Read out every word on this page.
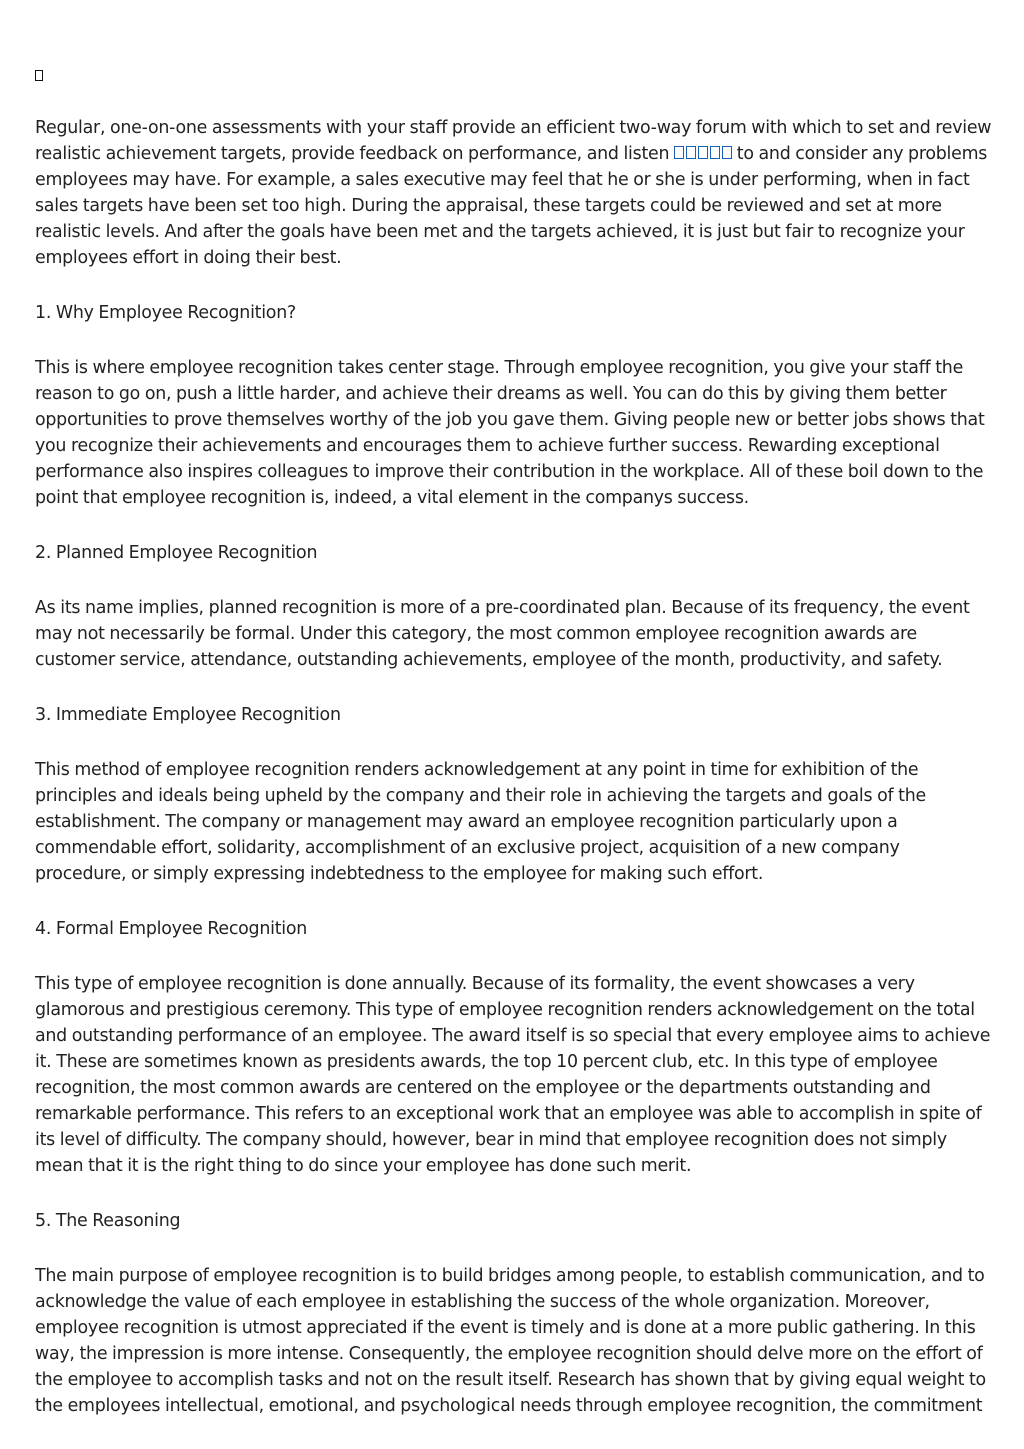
Regular, one-on-one assessments with your staff provide an efficient two-way forum with which to set and review realistic achievement targets, provide feedback on performance, and listen	to and consider any problems employees may have. For example, a sales executive may feel that he or she is under performing, when in fact sales targets have been set too high. During the appraisal, these targets could be reviewed and set at more realistic levels. And after the goals have been met and the targets achieved, it is just but fair to recognize your employees effort in doing their best.

1. Why Employee Recognition?

This is where employee recognition takes center stage. Through employee recognition, you give your staff the reason to go on, push a little harder, and achieve their dreams as well. You can do this by giving them better opportunities to prove themselves worthy of the job you gave them. Giving people new or better jobs shows that you recognize their achievements and encourages them to achieve further success. Rewarding exceptional performance also inspires colleagues to improve their contribution in the workplace. All of these boil down to the point that employee recognition is, indeed, a vital element in the companys success.

2. Planned Employee Recognition

As its name implies, planned recognition is more of a pre-coordinated plan. Because of its frequency, the event may not necessarily be formal. Under this category, the most common employee recognition awards are customer service, attendance, outstanding achievements, employee of the month, productivity, and safety.

3. Immediate Employee Recognition

This method of employee recognition renders acknowledgement at any point in time for exhibition of the principles and ideals being upheld by the company and their role in achieving the targets and goals of the establishment. The company or management may award an employee recognition particularly upon a commendable effort, solidarity, accomplishment of an exclusive project, acquisition of a new company procedure, or simply expressing indebtedness to the employee for making such effort.

4. Formal Employee Recognition

This type of employee recognition is done annually. Because of its formality, the event showcases a very glamorous and prestigious ceremony. This type of employee recognition renders acknowledgement on the total and outstanding performance of an employee. The award itself is so special that every employee aims to achieve it. These are sometimes known as presidents awards, the top 10 percent club, etc. In this type of employee recognition, the most common awards are centered on the employee or the departments outstanding and remarkable performance. This refers to an exceptional work that an employee was able to accomplish in spite of its level of difficulty. The company should, however, bear in mind that employee recognition does not simply mean that it is the right thing to do since your employee has done such merit.

5. The Reasoning

The main purpose of employee recognition is to build bridges among people, to establish communication, and to acknowledge the value of each employee in establishing the success of the whole organization. Moreover, employee recognition is utmost appreciated if the event is timely and is done at a more public gathering. In this way, the impression is more intense. Consequently, the employee recognition should delve more on the effort of the employee to accomplish tasks and not on the result itself. Research has shown that by giving equal weight to the employees intellectual, emotional, and psychological needs through employee recognition, the commitment
